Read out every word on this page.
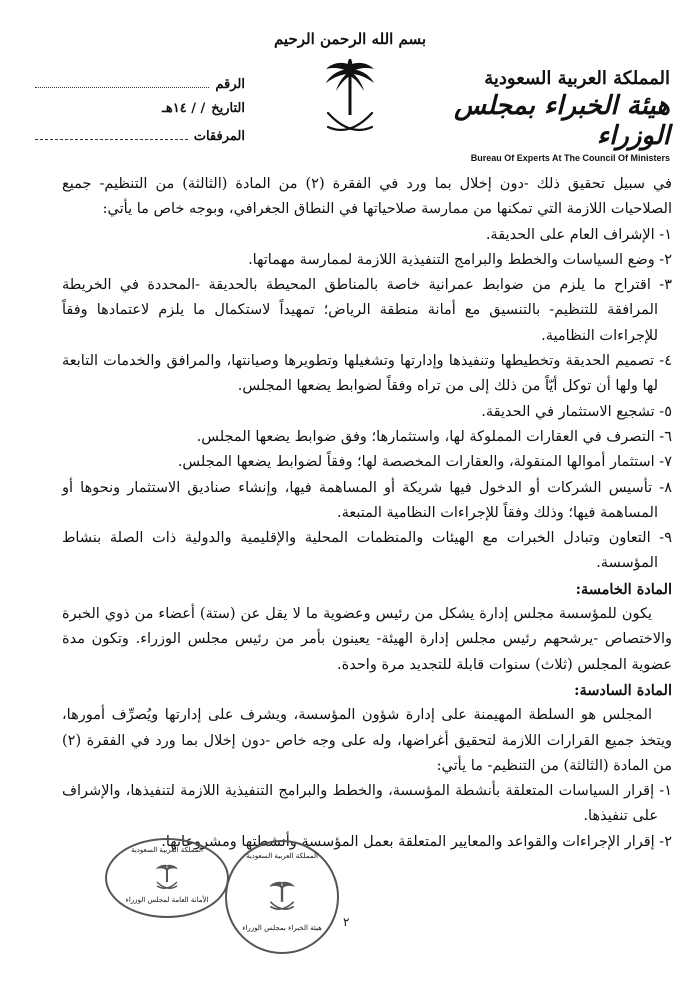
بسم الله الرحمن الرحيم
المملكة العربية السعودية
هيئة الخبراء بمجلس الوزراء
Bureau Of Experts At The Council Of Ministers
الرقم
التاريخ
/ / ١٤هـ
المرفقات

في سبيل تحقيق ذلك -دون إخلال بما ورد في الفقرة (٢) من المادة (الثالثة) من التنظيم- جميع الصلاحيات اللازمة التي تمكنها من ممارسة صلاحياتها في النطاق الجغرافي، وبوجه خاص ما يأتي:

١- الإشراف العام على الحديقة.

٢- وضع السياسات والخطط والبرامج التنفيذية اللازمة لممارسة مهماتها.

٣- اقتراح ما يلزم من ضوابط عمرانية خاصة بالمناطق المحيطة بالحديقة -المحددة في الخريطة المرافقة للتنظيم- بالتنسيق مع أمانة منطقة الرياض؛ تمهيداً لاستكمال ما يلزم لاعتمادها وفقاً للإجراءات النظامية.

٤- تصميم الحديقة وتخطيطها وتنفيذها وإدارتها وتشغيلها وتطويرها وصيانتها، والمرافق والخدمات التابعة لها ولها أن توكل أيّاً من ذلك إلى من تراه وفقاً لضوابط يضعها المجلس.

٥- تشجيع الاستثمار في الحديقة.

٦- التصرف في العقارات المملوكة لها، واستثمارها؛ وفق ضوابط يضعها المجلس.

٧- استثمار أموالها المنقولة، والعقارات المخصصة لها؛ وفقاً لضوابط يضعها المجلس.

٨- تأسيس الشركات أو الدخول فيها شريكة أو المساهمة فيها، وإنشاء صناديق الاستثمار ونحوها أو المساهمة فيها؛ وذلك وفقاً للإجراءات النظامية المتبعة.

٩- التعاون وتبادل الخبرات مع الهيئات والمنظمات المحلية والإقليمية والدولية ذات الصلة بنشاط المؤسسة.

المادة الخامسة:

يكون للمؤسسة مجلس إدارة يشكل من رئيس وعضوية ما لا يقل عن (ستة) أعضاء من ذوي الخبرة والاختصاص -يرشحهم رئيس مجلس إدارة الهيئة- يعينون بأمر من رئيس مجلس الوزراء. وتكون مدة عضوية المجلس (ثلاث) سنوات قابلة للتجديد مرة واحدة.

المادة السادسة:

المجلس هو السلطة المهيمنة على إدارة شؤون المؤسسة، ويشرف على إدارتها ويُصرِّف أمورها، ويتخذ جميع القرارات اللازمة لتحقيق أغراضها، وله على وجه خاص -دون إخلال بما ورد في الفقرة (٢) من المادة (الثالثة) من التنظيم- ما يأتي:

١- إقرار السياسات المتعلقة بأنشطة المؤسسة، والخطط والبرامج التنفيذية اللازمة لتنفيذها، والإشراف على تنفيذها.

٢- إقرار الإجراءات والقواعد والمعايير المتعلقة بعمل المؤسسة وأنشطتها ومشروعاتها.

المملكة العربية السعودية
الأمانة العامة لمجلس الوزراء
المملكة العربية السعودية
هيئة الخبراء بمجلس الوزراء	٢
